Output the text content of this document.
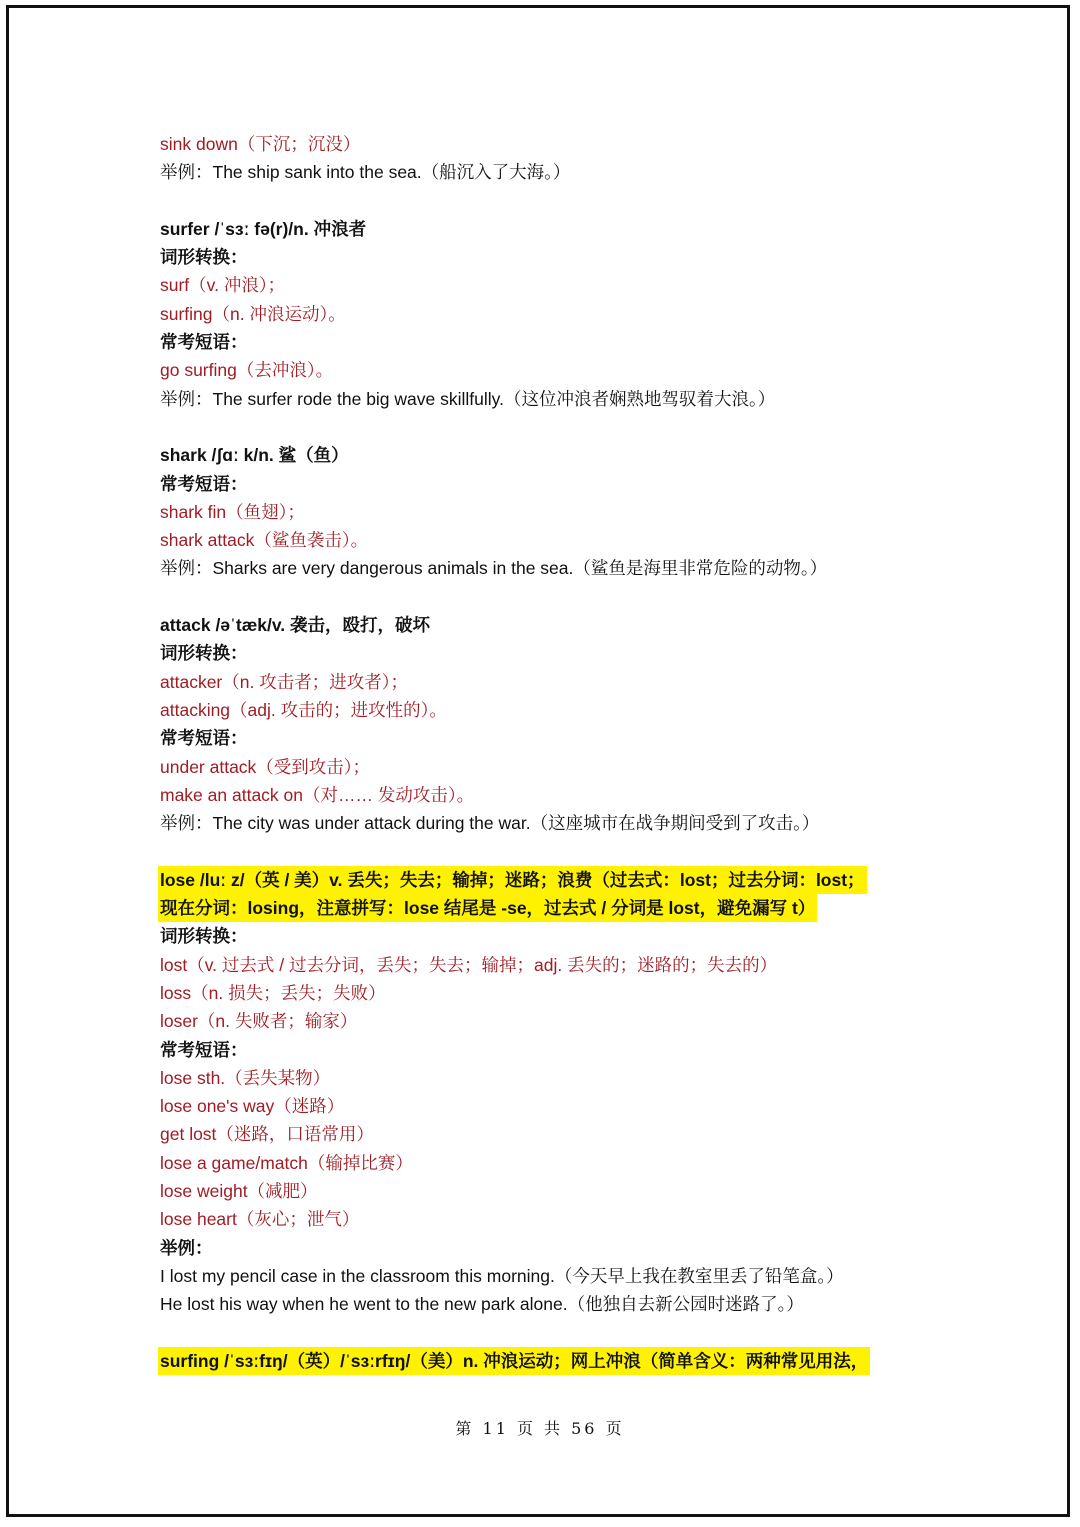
sink down（下沉；沉没）
举例：The ship sank into the sea.（船沉入了大海。）
surfer /ˈsɜː fə(r)/n. 冲浪者
词形转换：
surf（v. 冲浪）；
surfing（n. 冲浪运动）。
常考短语：
go surfing（去冲浪）。
举例：The surfer rode the big wave skillfully.（这位冲浪者娴熟地驾驭着大浪。）
shark /ʃɑː k/n. 鲨（鱼）
常考短语：
shark fin（鱼翅）；
shark attack（鲨鱼袭击）。
举例：Sharks are very dangerous animals in the sea.（鲨鱼是海里非常危险的动物。）
attack /əˈtæk/v. 袭击，殴打，破坏
词形转换：
attacker（n. 攻击者；进攻者）；
attacking（adj. 攻击的；进攻性的）。
常考短语：
under attack（受到攻击）；
make an attack on（对…… 发动攻击）。
举例：The city was under attack during the war.（这座城市在战争期间受到了攻击。）
lose /luː z/（英 / 美）v. 丢失；失去；输掉；迷路；浪费（过去式：lost；过去分词：lost；
现在分词：losing，注意拼写：lose 结尾是 -se，过去式 / 分词是 lost，避免漏写 t）
词形转换：
lost（v. 过去式 / 过去分词，丢失；失去；输掉；adj. 丢失的；迷路的；失去的）
loss（n. 损失；丢失；失败）
loser（n. 失败者；输家）
常考短语：
lose sth.（丢失某物）
lose one's way（迷路）
get lost（迷路，口语常用）
lose a game/match（输掉比赛）
lose weight（减肥）
lose heart（灰心；泄气）
举例：
I lost my pencil case in the classroom this morning.（今天早上我在教室里丢了铅笔盒。）
He lost his way when he went to the new park alone.（他独自去新公园时迷路了。）
surfing /ˈsɜːfɪŋ/（英）/ˈsɜːrfɪŋ/（美）n. 冲浪运动；网上冲浪（简单含义：两种常见用法，
第 11 页 共 56 页
